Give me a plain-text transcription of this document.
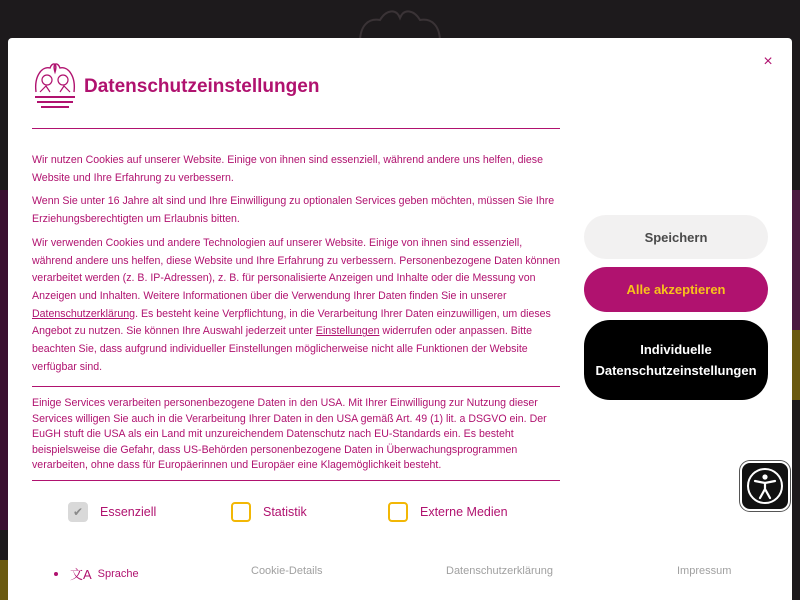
×
Datenschutzeinstellungen

Wir nutzen Cookies auf unserer Website. Einige von ihnen sind essenziell, während andere uns helfen, diese Website und Ihre Erfahrung zu verbessern.

Wenn Sie unter 16 Jahre alt sind und Ihre Einwilligung zu optionalen Services geben möchten, müssen Sie Ihre Erziehungsberechtigten um Erlaubnis bitten.

Wir verwenden Cookies und andere Technologien auf unserer Website. Einige von ihnen sind essenziell, während andere uns helfen, diese Website und Ihre Erfahrung zu verbessern. Personenbezogene Daten können verarbeitet werden (z. B. IP-Adressen), z. B. für personalisierte Anzeigen und Inhalte oder die Messung von Anzeigen und Inhalten. Weitere Informationen über die Verwendung Ihrer Daten finden Sie in unserer Datenschutzerklärung. Es besteht keine Verpflichtung, in die Verarbeitung Ihrer Daten einzuwilligen, um dieses Angebot zu nutzen. Sie können Ihre Auswahl jederzeit unter Einstellungen widerrufen oder anpassen. Bitte beachten Sie, dass aufgrund individueller Einstellungen möglicherweise nicht alle Funktionen der Website verfügbar sind.

Einige Services verarbeiten personenbezogene Daten in den USA. Mit Ihrer Einwilligung zur Nutzung dieser Services willigen Sie auch in die Verarbeitung Ihrer Daten in den USA gemäß Art. 49 (1) lit. a DSGVO ein. Der EuGH stuft die USA als ein Land mit unzureichendem Datenschutz nach EU-Standards ein. Es besteht beispielsweise die Gefahr, dass US-Behörden personenbezogene Daten in Überwachungsprogrammen verarbeiten, ohne dass für Europäerinnen und Europäer eine Klagemöglichkeit besteht.
Speichern
Alle akzeptieren
Individuelle Datenschutzeinstellungen
✔	Essenziell	Statistik	Externe Medien
文A Sprache	Cookie-Details	Datenschutzerklärung	Impressum
